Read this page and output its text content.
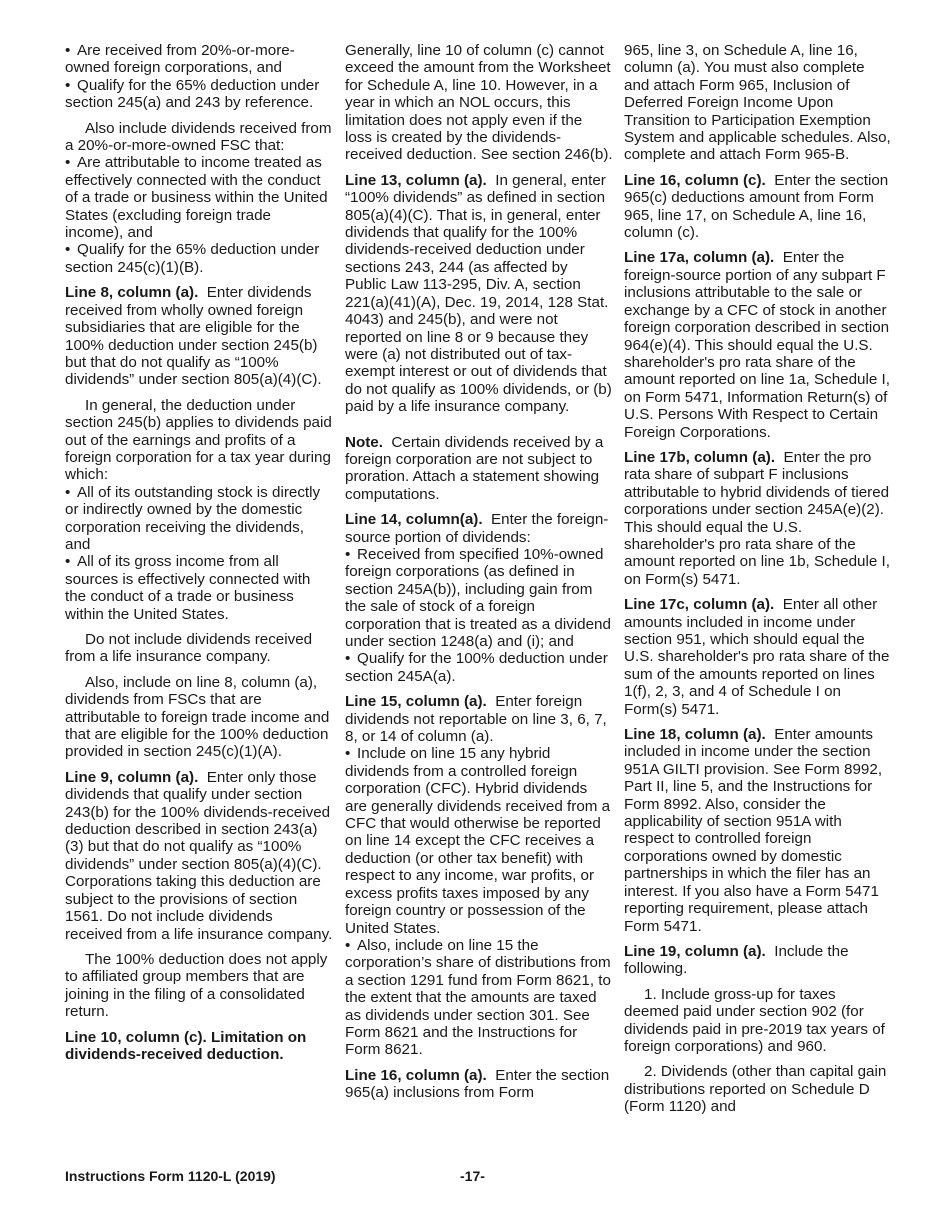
• Are received from 20%-or-more-owned foreign corporations, and

• Qualify for the 65% deduction under section 245(a) and 243 by reference.

Also include dividends received from a 20%-or-more-owned FSC that:

• Are attributable to income treated as effectively connected with the conduct of a trade or business within the United States (excluding foreign trade income), and

• Qualify for the 65% deduction under section 245(c)(1)(B).

Line 8, column (a). Enter dividends received from wholly owned foreign subsidiaries that are eligible for the 100% deduction under section 245(b) but that do not qualify as “100% dividends” under section 805(a)(4)(C).

In general, the deduction under section 245(b) applies to dividends paid out of the earnings and profits of a foreign corporation for a tax year during which:

• All of its outstanding stock is directly or indirectly owned by the domestic corporation receiving the dividends, and

• All of its gross income from all sources is effectively connected with the conduct of a trade or business within the United States.

Do not include dividends received from a life insurance company.

Also, include on line 8, column (a), dividends from FSCs that are attributable to foreign trade income and that are eligible for the 100% deduction provided in section 245(c)(1)(A).

Line 9, column (a). Enter only those dividends that qualify under section 243(b) for the 100% dividends-received deduction described in section 243(a)(3) but that do not qualify as “100% dividends” under section 805(a)(4)(C). Corporations taking this deduction are subject to the provisions of section 1561. Do not include dividends received from a life insurance company.

The 100% deduction does not apply to affiliated group members that are joining in the filing of a consolidated return.

Line 10, column (c). Limitation on dividends-received deduction.

Generally, line 10 of column (c) cannot exceed the amount from the Worksheet for Schedule A, line 10. However, in a year in which an NOL occurs, this limitation does not apply even if the loss is created by the dividends-received deduction. See section 246(b).

Line 13, column (a). In general, enter “100% dividends” as defined in section 805(a)(4)(C). That is, in general, enter dividends that qualify for the 100% dividends-received deduction under sections 243, 244 (as affected by Public Law 113-295, Div. A, section 221(a)(41)(A), Dec. 19, 2014, 128 Stat. 4043) and 245(b), and were not reported on line 8 or 9 because they were (a) not distributed out of tax-exempt interest or out of dividends that do not qualify as 100% dividends, or (b) paid by a life insurance company.

Note. Certain dividends received by a foreign corporation are not subject to proration. Attach a statement showing computations.

Line 14, column(a). Enter the foreign-source portion of dividends:

• Received from specified 10%-owned foreign corporations (as defined in section 245A(b)), including gain from the sale of stock of a foreign corporation that is treated as a dividend under section 1248(a) and (i); and

• Qualify for the 100% deduction under section 245A(a).

Line 15, column (a). Enter foreign dividends not reportable on line 3, 6, 7, 8, or 14 of column (a).

• Include on line 15 any hybrid dividends from a controlled foreign corporation (CFC). Hybrid dividends are generally dividends received from a CFC that would otherwise be reported on line 14 except the CFC receives a deduction (or other tax benefit) with respect to any income, war profits, or excess profits taxes imposed by any foreign country or possession of the United States.

• Also, include on line 15 the corporation’s share of distributions from a section 1291 fund from Form 8621, to the extent that the amounts are taxed as dividends under section 301. See Form 8621 and the Instructions for Form 8621.

Line 16, column (a). Enter the section 965(a) inclusions from Form

965, line 3, on Schedule A, line 16, column (a). You must also complete and attach Form 965, Inclusion of Deferred Foreign Income Upon Transition to Participation Exemption System and applicable schedules. Also, complete and attach Form 965-B.

Line 16, column (c). Enter the section 965(c) deductions amount from Form 965, line 17, on Schedule A, line 16, column (c).

Line 17a, column (a). Enter the foreign-source portion of any subpart F inclusions attributable to the sale or exchange by a CFC of stock in another foreign corporation described in section 964(e)(4). This should equal the U.S. shareholder's pro rata share of the amount reported on line 1a, Schedule I, on Form 5471, Information Return(s) of U.S. Persons With Respect to Certain Foreign Corporations.

Line 17b, column (a). Enter the pro rata share of subpart F inclusions attributable to hybrid dividends of tiered corporations under section 245A(e)(2). This should equal the U.S. shareholder's pro rata share of the amount reported on line 1b, Schedule I, on Form(s) 5471.

Line 17c, column (a). Enter all other amounts included in income under section 951, which should equal the U.S. shareholder's pro rata share of the sum of the amounts reported on lines 1(f), 2, 3, and 4 of Schedule I on Form(s) 5471.

Line 18, column (a). Enter amounts included in income under the section 951A GILTI provision. See Form 8992, Part II, line 5, and the Instructions for Form 8992. Also, consider the applicability of section 951A with respect to controlled foreign corporations owned by domestic partnerships in which the filer has an interest. If you also have a Form 5471 reporting requirement, please attach Form 5471.

Line 19, column (a). Include the following.

1. Include gross-up for taxes deemed paid under section 902 (for dividends paid in pre-2019 tax years of foreign corporations) and 960.

2. Dividends (other than capital gain distributions reported on Schedule D (Form 1120) and

Instructions Form 1120-L (2019)	-17-
